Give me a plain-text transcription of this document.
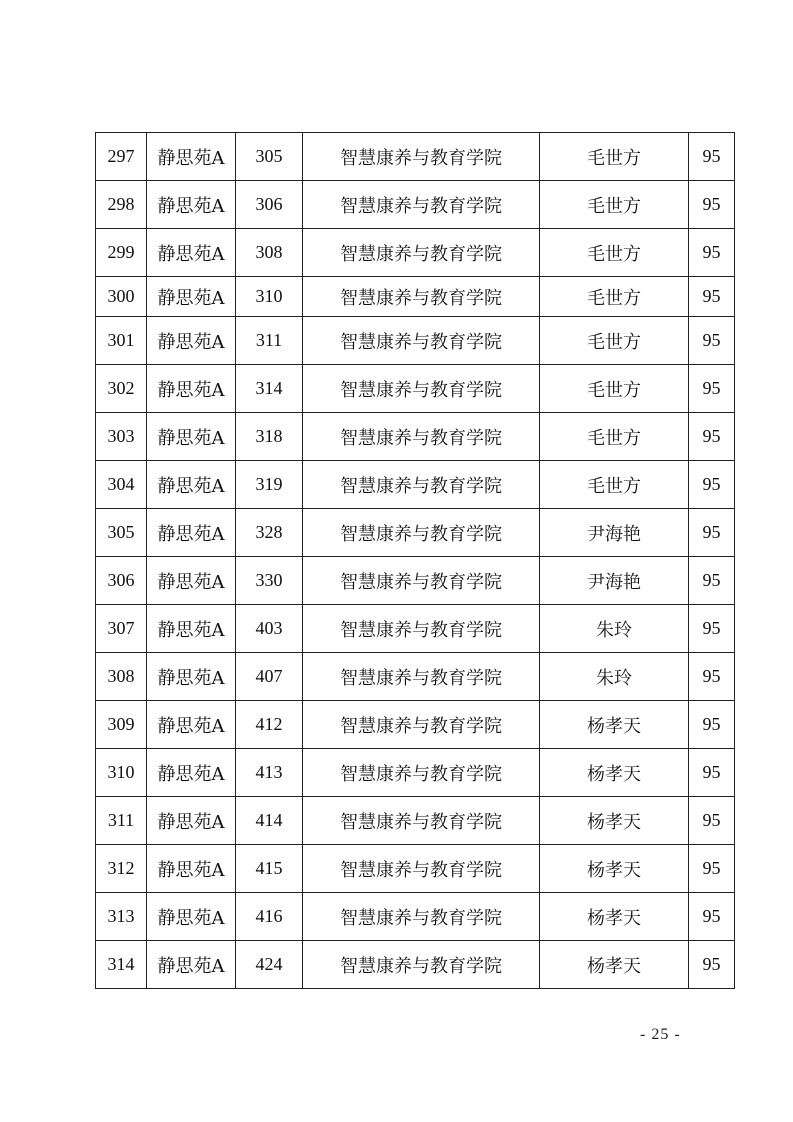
297	静思苑A	305	智慧康养与教育学院	毛世方	95
298	静思苑A	306	智慧康养与教育学院	毛世方	95
299	静思苑A	308	智慧康养与教育学院	毛世方	95
300	静思苑A	310	智慧康养与教育学院	毛世方	95
301	静思苑A	311	智慧康养与教育学院	毛世方	95
302	静思苑A	314	智慧康养与教育学院	毛世方	95
303	静思苑A	318	智慧康养与教育学院	毛世方	95
304	静思苑A	319	智慧康养与教育学院	毛世方	95
305	静思苑A	328	智慧康养与教育学院	尹海艳	95
306	静思苑A	330	智慧康养与教育学院	尹海艳	95
307	静思苑A	403	智慧康养与教育学院	朱玲	95
308	静思苑A	407	智慧康养与教育学院	朱玲	95
309	静思苑A	412	智慧康养与教育学院	杨孝天	95
310	静思苑A	413	智慧康养与教育学院	杨孝天	95
311	静思苑A	414	智慧康养与教育学院	杨孝天	95
312	静思苑A	415	智慧康养与教育学院	杨孝天	95
313	静思苑A	416	智慧康养与教育学院	杨孝天	95
314	静思苑A	424	智慧康养与教育学院	杨孝天	95
- 25 -
